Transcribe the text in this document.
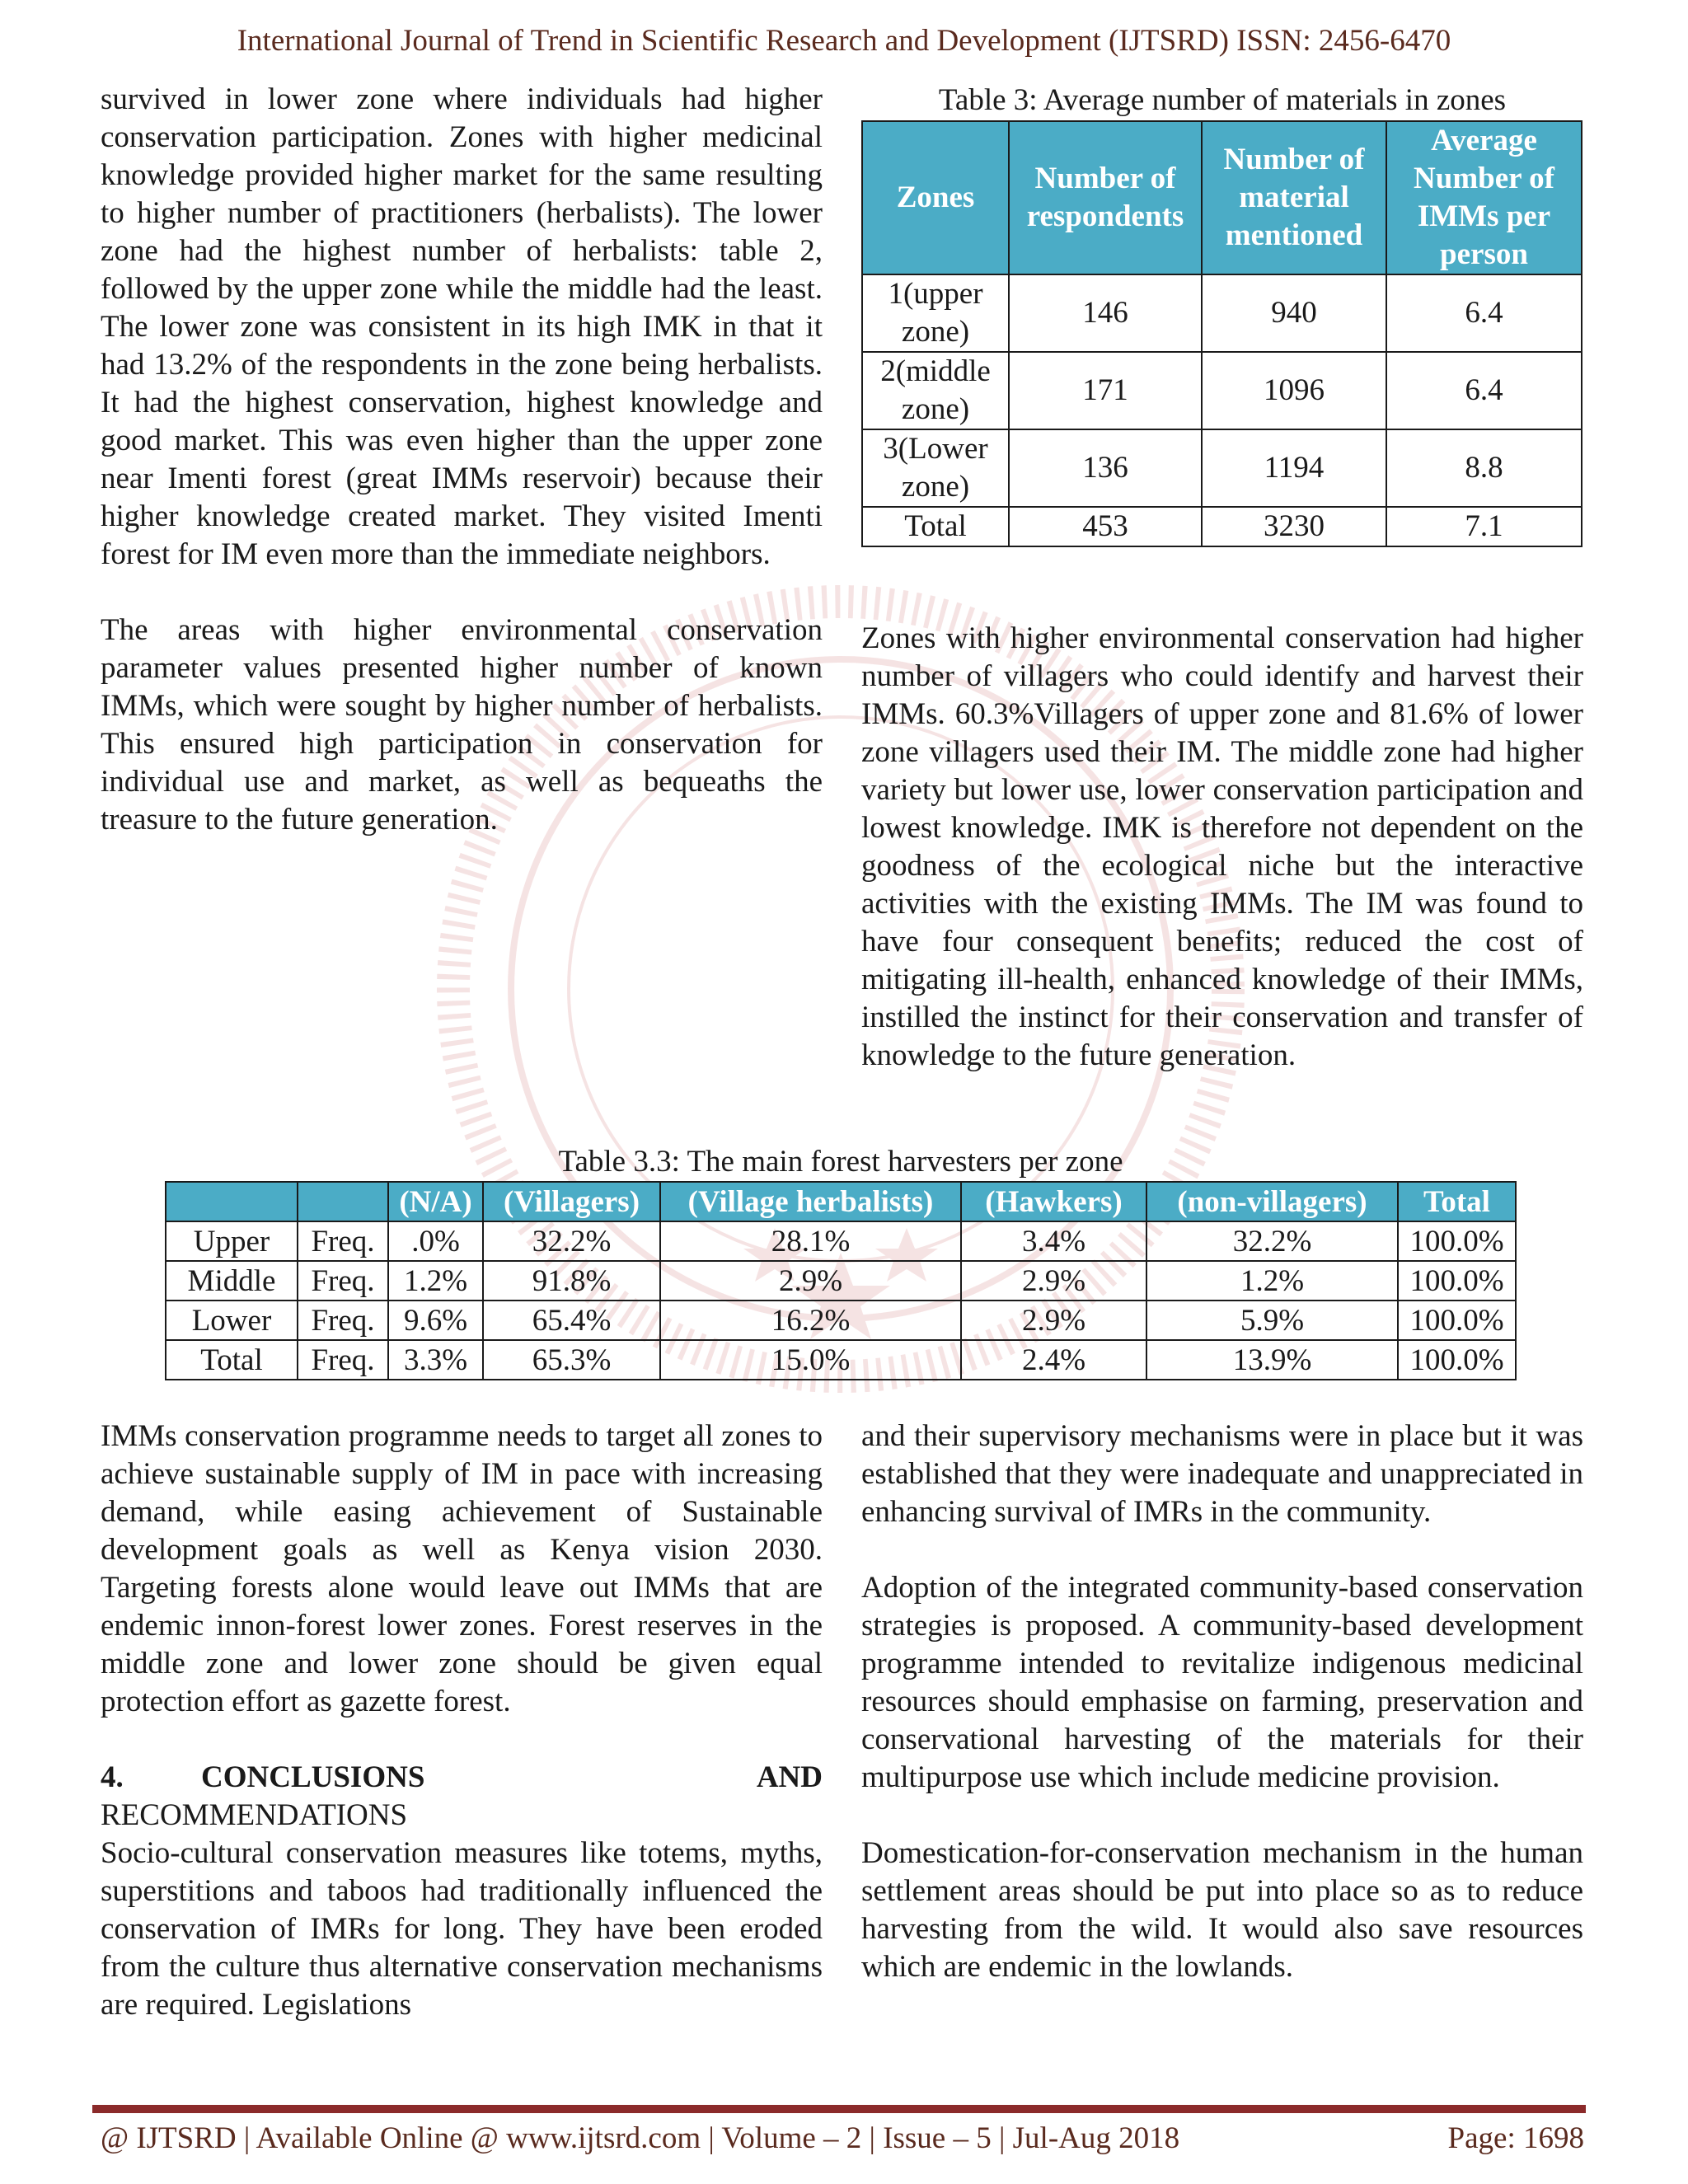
International Journal of Trend in Scientific Research and Development (IJTSRD) ISSN: 2456-6470

survived in lower zone where individuals had higher conservation participation. Zones with higher medicinal knowledge provided higher market for the same resulting to higher number of practitioners (herbalists). The lower zone had the highest number of herbalists: table 2, followed by the upper zone while the middle had the least. The lower zone was consistent in its high IMK in that it had 13.2% of the respondents in the zone being herbalists. It had the highest conservation, highest knowledge and good market. This was even higher than the upper zone near Imenti forest (great IMMs reservoir) because their higher knowledge created market. They visited Imenti forest for IM even more than the immediate neighbors.

The areas with higher environmental conservation parameter values presented higher number of known IMMs, which were sought by higher number of herbalists. This ensured high participation in conservation for individual use and market, as well as bequeaths the treasure to the future generation.

Table 3: Average number of materials in zones
Zones	Number of respondents	Number of material mentioned	Average Number of IMMs per person
1(upper zone)	146	940	6.4
2(middle zone)	171	1096	6.4
3(Lower zone)	136	1194	8.8
Total	453	3230	7.1

Zones with higher environmental conservation had higher number of villagers who could identify and harvest their IMMs. 60.3%Villagers of upper zone and 81.6% of lower zone villagers used their IM. The middle zone had higher variety but lower use, lower conservation participation and lowest knowledge. IMK is therefore not dependent on the goodness of the ecological niche but the interactive activities with the existing IMMs. The IM was found to have four consequent benefits; reduced the cost of mitigating ill-health, enhanced knowledge of their IMMs, instilled the instinct for their conservation and transfer of knowledge to the future generation.

Table 3.3: The main forest harvesters per zone
		(N/A)	(Villagers)	(Village herbalists)	(Hawkers)	(non-villagers)	Total
Upper	Freq.	.0%	32.2%	28.1%	3.4%	32.2%	100.0%
Middle	Freq.	1.2%	91.8%	2.9%	2.9%	1.2%	100.0%
Lower	Freq.	9.6%	65.4%	16.2%	2.9%	5.9%	100.0%
Total	Freq.	3.3%	65.3%	15.0%	2.4%	13.9%	100.0%

IMMs conservation programme needs to target all zones to achieve sustainable supply of IM in pace with increasing demand, while easing achievement of Sustainable development goals as well as Kenya vision 2030. Targeting forests alone would leave out IMMs that are endemic innon-forest lower zones. Forest reserves in the middle zone and lower zone should be given equal protection effort as gazette forest.

4.	CONCLUSIONS AND
RECOMMENDATIONS

Socio-cultural conservation measures like totems, myths, superstitions and taboos had traditionally influenced the conservation of IMRs for long. They have been eroded from the culture thus alternative conservation mechanisms are required. Legislations

and their supervisory mechanisms were in place but it was established that they were inadequate and unappreciated in enhancing survival of IMRs in the community.

Adoption of the integrated community-based conservation strategies is proposed. A community-based development programme intended to revitalize indigenous medicinal resources should emphasise on farming, preservation and conservational harvesting of the materials for their multipurpose use which include medicine provision.

Domestication-for-conservation mechanism in the human settlement areas should be put into place so as to reduce harvesting from the wild. It would also save resources which are endemic in the lowlands.

@ IJTSRD | Available Online @ www.ijtsrd.com | Volume – 2 | Issue – 5 | Jul-Aug 2018	Page: 1698
